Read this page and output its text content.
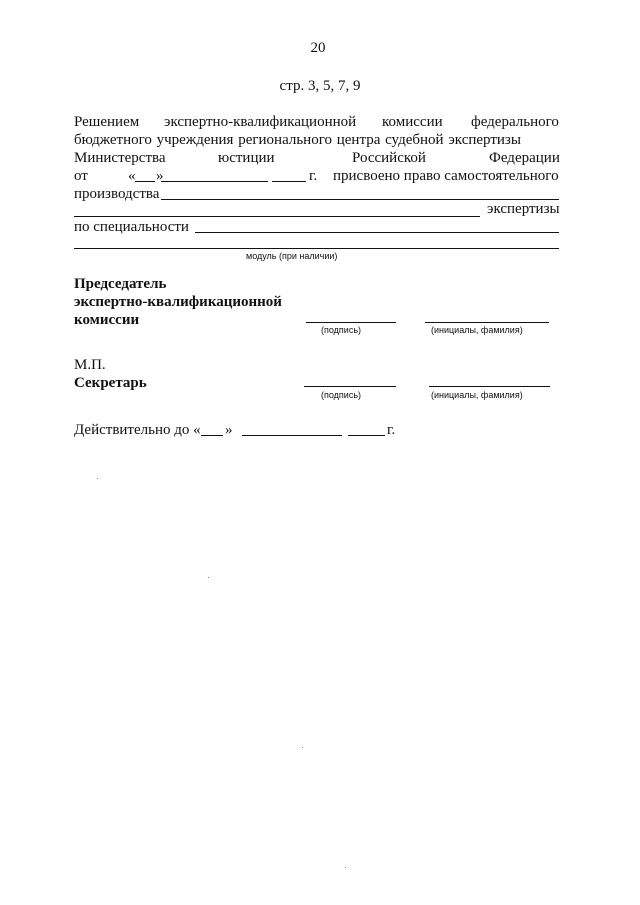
20
стр. 3, 5, 7, 9
Решением экспертно-квалификационной комиссии федерального
бюджетного учреждения регионального центра судебной экспертизы
Министерства	юстиции	Российской	Федерации
от	« »	г. присвоено право самостоятельного
производства
экспертизы
по специальности
модуль (при наличии)
Председатель
экспертно-квалификационной
комиссии
(подпись)	(инициалы, фамилия)
М.П.
Секретарь
(подпись)	(инициалы, фамилия)
Действительно до « »	г.
